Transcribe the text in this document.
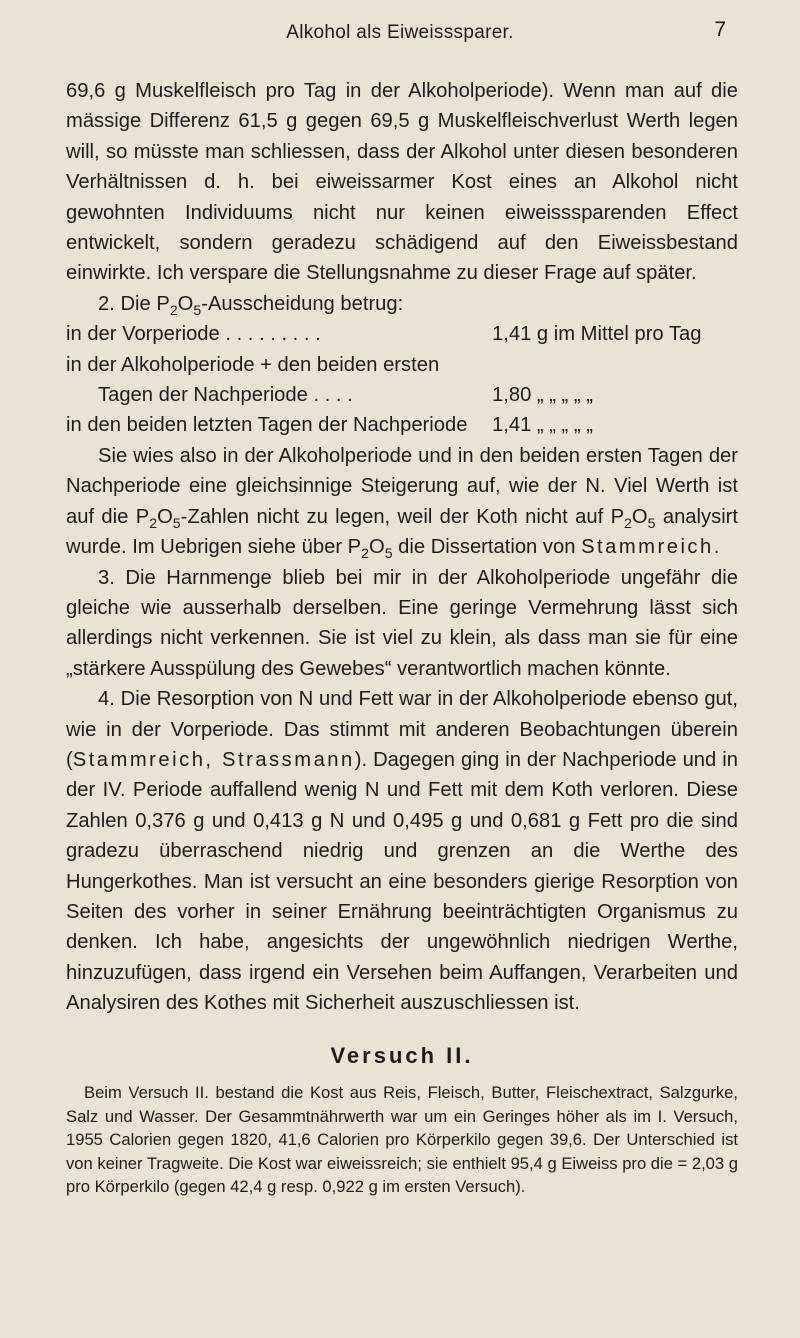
Alkohol als Eiweisssparer.	7

69,6 g Muskelfleisch pro Tag in der Alkoholperiode). Wenn man auf die mässige Differenz 61,5 g gegen 69,5 g Muskelfleischverlust Werth legen will, so müsste man schliessen, dass der Alkohol unter diesen besonderen Verhältnissen d. h. bei eiweissarmer Kost eines an Alkohol nicht gewohnten Individuums nicht nur keinen eiweisssparenden Effect entwickelt, sondern geradezu schädigend auf den Eiweissbestand einwirkte. Ich verspare die Stellungsnahme zu dieser Frage auf später.

2. Die $P_2O_5$-Ausscheidung betrug:

in der Vorperiode . . . . . . . . .	1,41 g im Mittel pro Tag
in der Alkoholperiode + den beiden ersten
Tagen der Nachperiode . . . .	1,80 „ „ „ „ „
in den beiden letzten Tagen der Nachperiode	1,41 „ „ „ „ „

Sie wies also in der Alkoholperiode und in den beiden ersten Tagen der Nachperiode eine gleichsinnige Steigerung auf, wie der N. Viel Werth ist auf die $P_2O_5$-Zahlen nicht zu legen, weil der Koth nicht auf $P_2O_5$ analysirt wurde. Im Uebrigen siehe über $P_2O_5$ die Dissertation von Stammreich.

3. Die Harnmenge blieb bei mir in der Alkoholperiode ungefähr die gleiche wie ausserhalb derselben. Eine geringe Vermehrung lässt sich allerdings nicht verkennen. Sie ist viel zu klein, als dass man sie für eine „stärkere Ausspülung des Gewebes“ verantwortlich machen könnte.

4. Die Resorption von N und Fett war in der Alkoholperiode ebenso gut, wie in der Vorperiode. Das stimmt mit anderen Beobachtungen überein (Stammreich, Strassmann). Dagegen ging in der Nachperiode und in der IV. Periode auffallend wenig N und Fett mit dem Koth verloren. Diese Zahlen 0,376 g und 0,413 g N und 0,495 g und 0,681 g Fett pro die sind gradezu überraschend niedrig und grenzen an die Werthe des Hungerkothes. Man ist versucht an eine besonders gierige Resorption von Seiten des vorher in seiner Ernährung beeinträchtigten Organismus zu denken. Ich habe, angesichts der ungewöhnlich niedrigen Werthe, hinzuzufügen, dass irgend ein Versehen beim Auffangen, Verarbeiten und Analysiren des Kothes mit Sicherheit auszuschliessen ist.

Versuch II.

Beim Versuch II. bestand die Kost aus Reis, Fleisch, Butter, Fleischextract, Salzgurke, Salz und Wasser. Der Gesammtnährwerth war um ein Geringes höher als im I. Versuch, 1955 Calorien gegen 1820, 41,6 Calorien pro Körperkilo gegen 39,6. Der Unterschied ist von keiner Tragweite. Die Kost war eiweissreich; sie enthielt 95,4 g Eiweiss pro die = 2,03 g pro Körperkilo (gegen 42,4 g resp. 0,922 g im ersten Versuch).
